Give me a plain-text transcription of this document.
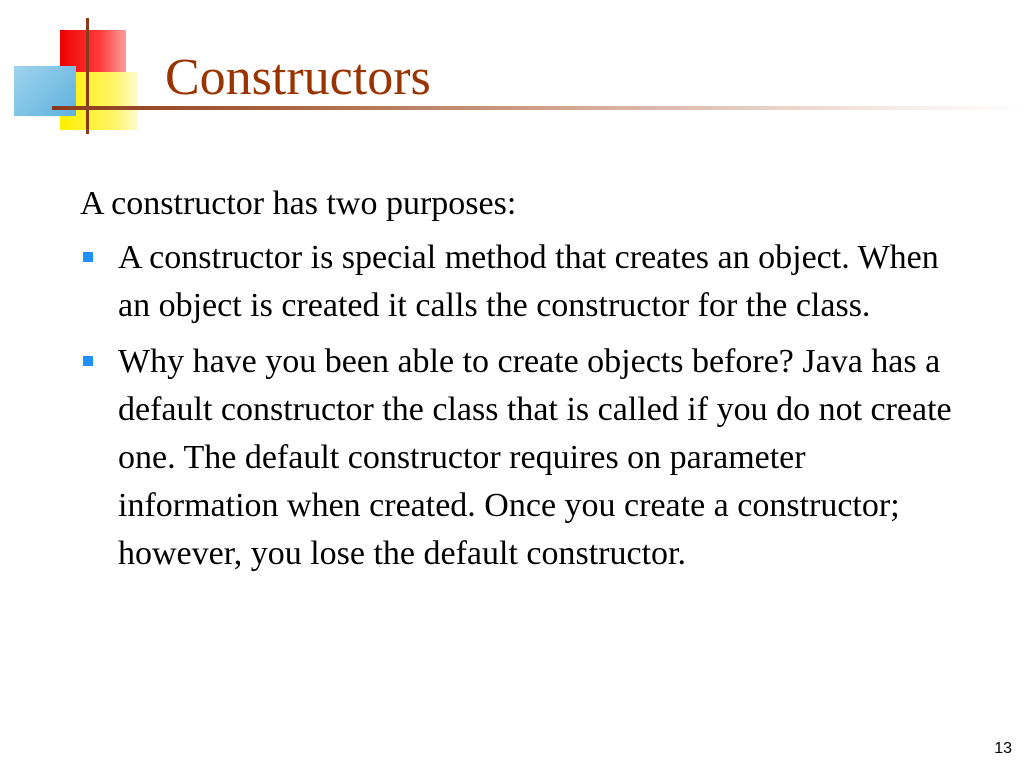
Constructors

A constructor has two purposes:

A constructor is special method that creates an object. When an object is created it calls the constructor for the class.
Why have you been able to create objects before? Java has a default constructor the class that is called if you do not create one. The default constructor requires on parameter information when created. Once you create a constructor; however, you lose the default constructor.
13
